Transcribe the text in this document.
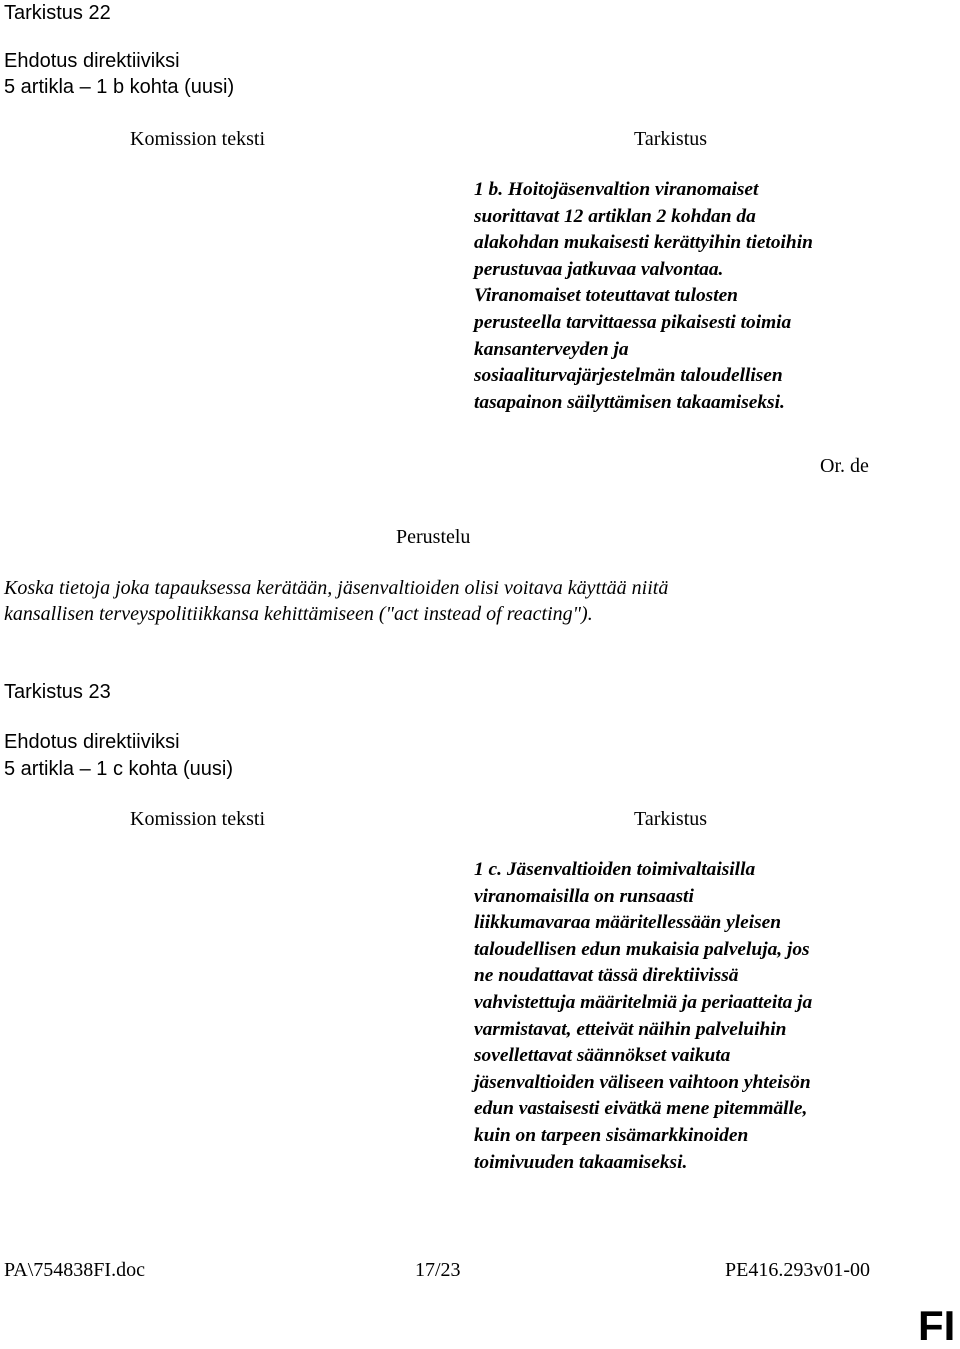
Tarkistus 22
Ehdotus direktiiviksi
5 artikla – 1 b kohta (uusi)
Komission teksti	Tarkistus
1 b. Hoitojäsenvaltion viranomaiset
suorittavat 12 artiklan 2 kohdan da
alakohdan mukaisesti kerättyihin tietoihin
perustuvaa jatkuvaa valvontaa.
Viranomaiset toteuttavat tulosten
perusteella tarvittaessa pikaisesti toimia
kansanterveyden ja
sosiaaliturvajärjestelmän taloudellisen
tasapainon säilyttämisen takaamiseksi.
Or. de
Perustelu
Koska tietoja joka tapauksessa kerätään, jäsenvaltioiden olisi voitava käyttää niitä
kansallisen terveyspolitiikkansa kehittämiseen ("act instead of reacting").
Tarkistus 23
Ehdotus direktiiviksi
5 artikla – 1 c kohta (uusi)
Komission teksti	Tarkistus
1 c. Jäsenvaltioiden toimivaltaisilla
viranomaisilla on runsaasti
liikkumavaraa määritellessään yleisen
taloudellisen edun mukaisia palveluja, jos
ne noudattavat tässä direktiivissä
vahvistettuja määritelmiä ja periaatteita ja
varmistavat, etteivät näihin palveluihin
sovellettavat säännökset vaikuta
jäsenvaltioiden väliseen vaihtoon yhteisön
edun vastaisesti eivätkä mene pitemmälle,
kuin on tarpeen sisämarkkinoiden
toimivuuden takaamiseksi.
PA\754838FI.doc	17/23	PE416.293v01-00
FI
